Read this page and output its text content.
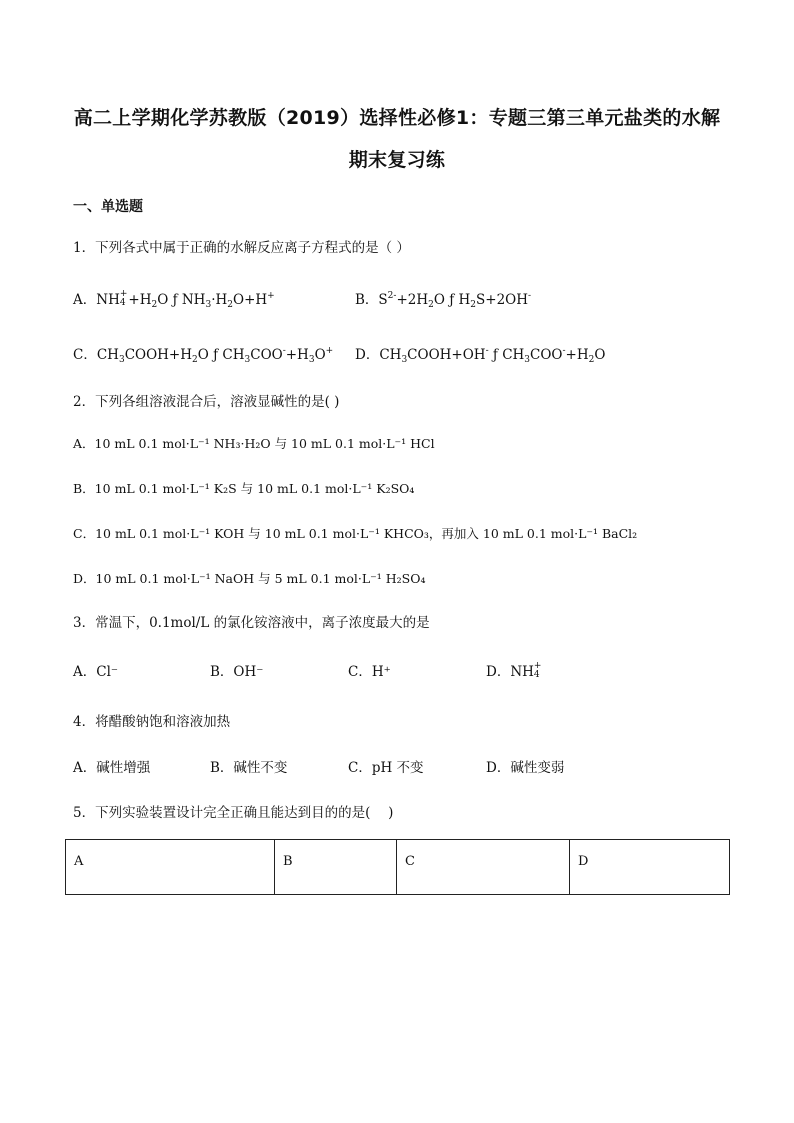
高二上学期化学苏教版（2019）选择性必修1：专题三第三单元盐类的水解
期末复习练
一、单选题
1．下列各式中属于正确的水解反应离子方程式的是（ ）
A．NH +
$4 +H_2O$ ƒ $NH_3\cdot H_2O+H^+$	B．$S^{2-}+2H_2O$ ƒ $H_2S+2OH^-$
C．$CH_3COOH+H_2O$ ƒ $CH_3COO^-+H_3O^+$ D．$CH_3COOH+OH^-$ ƒ $CH_3COO^-+H_2O$
2．下列各组溶液混合后，溶液显碱性的是( )
A．10 mL 0.1 mol·L⁻¹ NH₃·H₂O 与 10 mL 0.1 mol·L⁻¹ HCl
B．10 mL 0.1 mol·L⁻¹ K₂S 与 10 mL 0.1 mol·L⁻¹ K₂SO₄
C．10 mL 0.1 mol·L⁻¹ KOH 与 10 mL 0.1 mol·L⁻¹ KHCO₃，再加入 10 mL 0.1 mol·L⁻¹ BaCl₂
D．10 mL 0.1 mol·L⁻¹ NaOH 与 5 mL 0.1 mol·L⁻¹ H₂SO₄
3．常温下，0.1mol/L 的氯化铵溶液中，离子浓度最大的是
A．Cl⁻	B．OH⁻	C．H⁺	D．NH +
4
4．将醋酸钠饱和溶液加热
A．碱性增强	B．碱性不变	C．pH 不变	D．碱性变弱
5．下列实验装置设计完全正确且能达到目的的是(　 )
A	B	C	D
